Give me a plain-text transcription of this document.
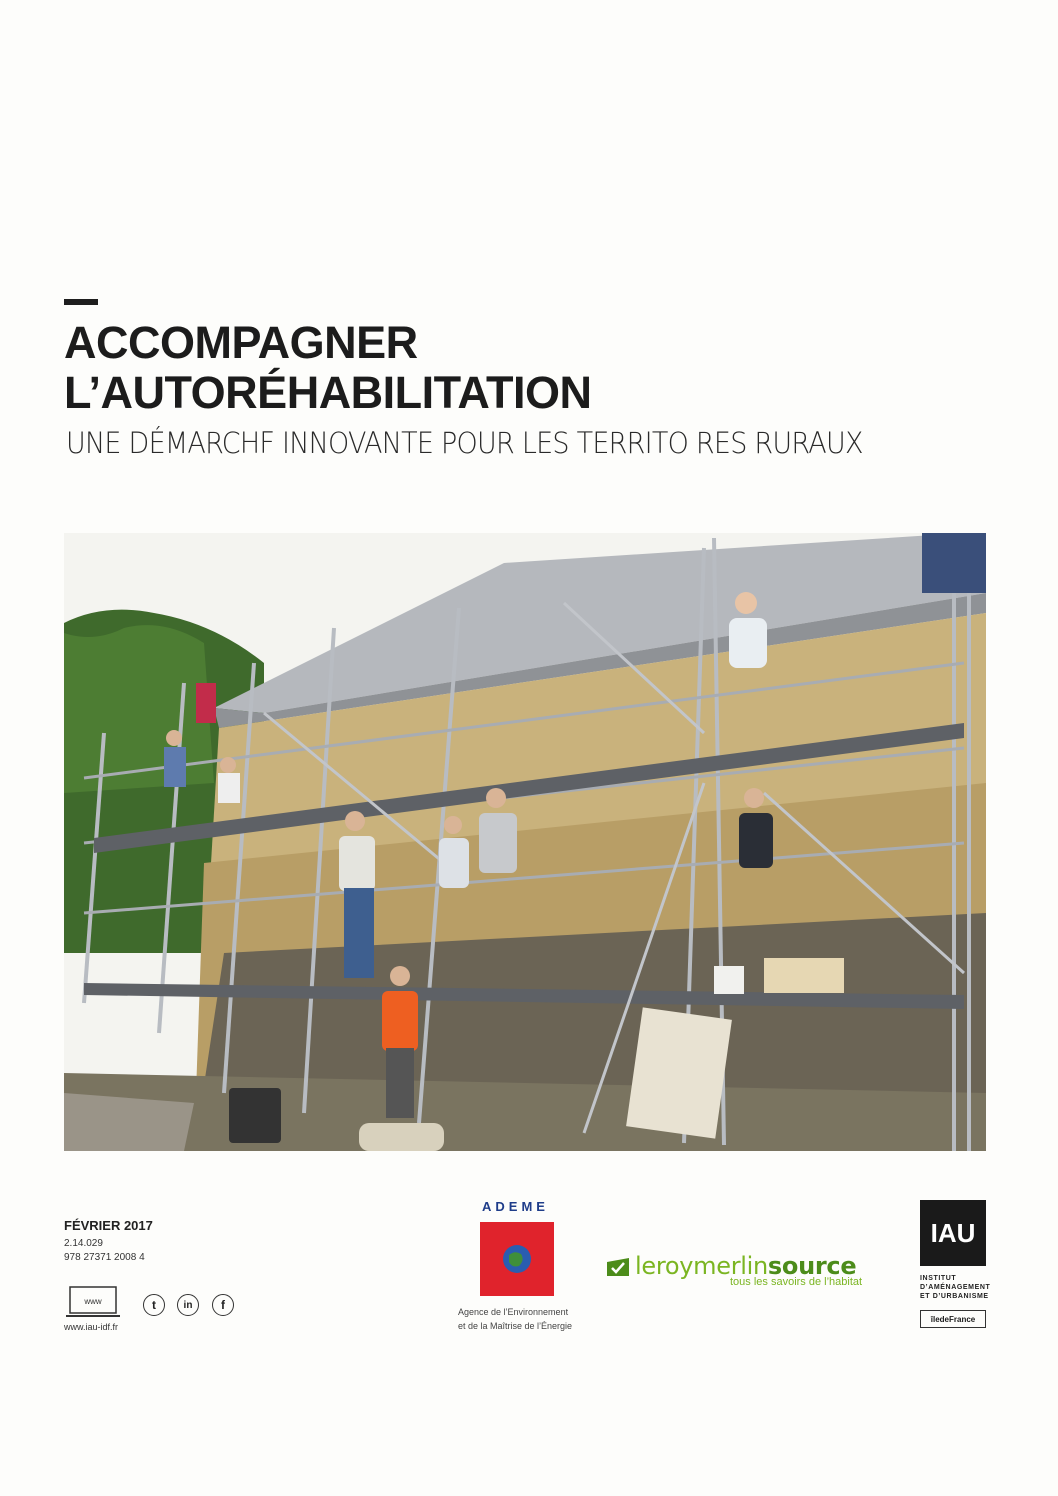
ACCOMPAGNER
L’AUTORÉHABILITATION
UNE DÉMARCHF INNOVANTE POUR LES TERRITO RES RURAUX
FÉVRIER 2017
2.14.029
978 27371 2008 4
www
www.iau-idf.fr
t	in	f
ADEME
Agence de l’Environnement
et de la Maîtrise de l’Énergie
leroymerlinsource
tous les savoirs de l’habitat
IAU
INSTITUT
D’AMÉNAGEMENT
ET D’URBANISME
îledeFrance
